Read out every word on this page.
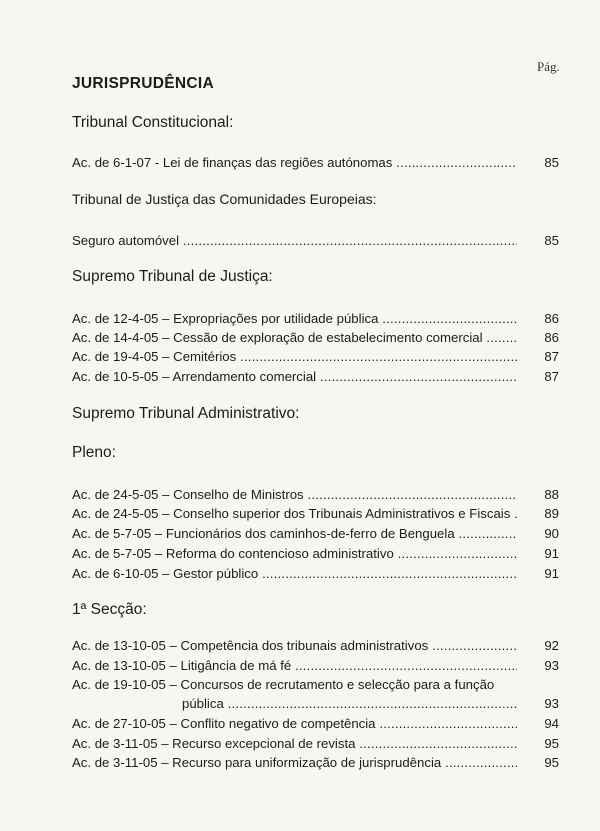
Pág.
JURISPRUDÊNCIA
Tribunal Constitucional:
Ac. de 6-1-07 - Lei de finanças das regiões autónomas .....	85
Tribunal de Justiça das Comunidades Europeias:
Seguro automóvel .....	85
Supremo Tribunal de Justiça:
Ac. de 12-4-05 – Expropriações por utilidade pública .....	86
Ac. de 14-4-05 – Cessão de exploração de estabelecimento comercial .....	86
Ac. de 19-4-05 – Cemitérios .....	87
Ac. de 10-5-05 – Arrendamento comercial .....	87
Supremo Tribunal Administrativo:
Pleno:
Ac. de 24-5-05 – Conselho de Ministros .....	88
Ac. de 24-5-05 – Conselho superior dos Tribunais Administrativos e Fiscais .....	89
Ac. de 5-7-05 – Funcionários dos caminhos-de-ferro de Benguela .....	90
Ac. de 5-7-05 – Reforma do contencioso administrativo .....	91
Ac. de 6-10-05 – Gestor público .....	91
1ª Secção:
Ac. de 13-10-05 – Competência dos tribunais administrativos .....	92
Ac. de 13-10-05 – Litigância de má fé .....	93
Ac. de 19-10-05 – Concursos de recrutamento e selecção para a função
pública .....	93
Ac. de 27-10-05 – Conflito negativo de competência .....	94
Ac. de 3-11-05 – Recurso excepcional de revista .....	95
Ac. de 3-11-05 – Recurso para uniformização de jurisprudência .....	95
